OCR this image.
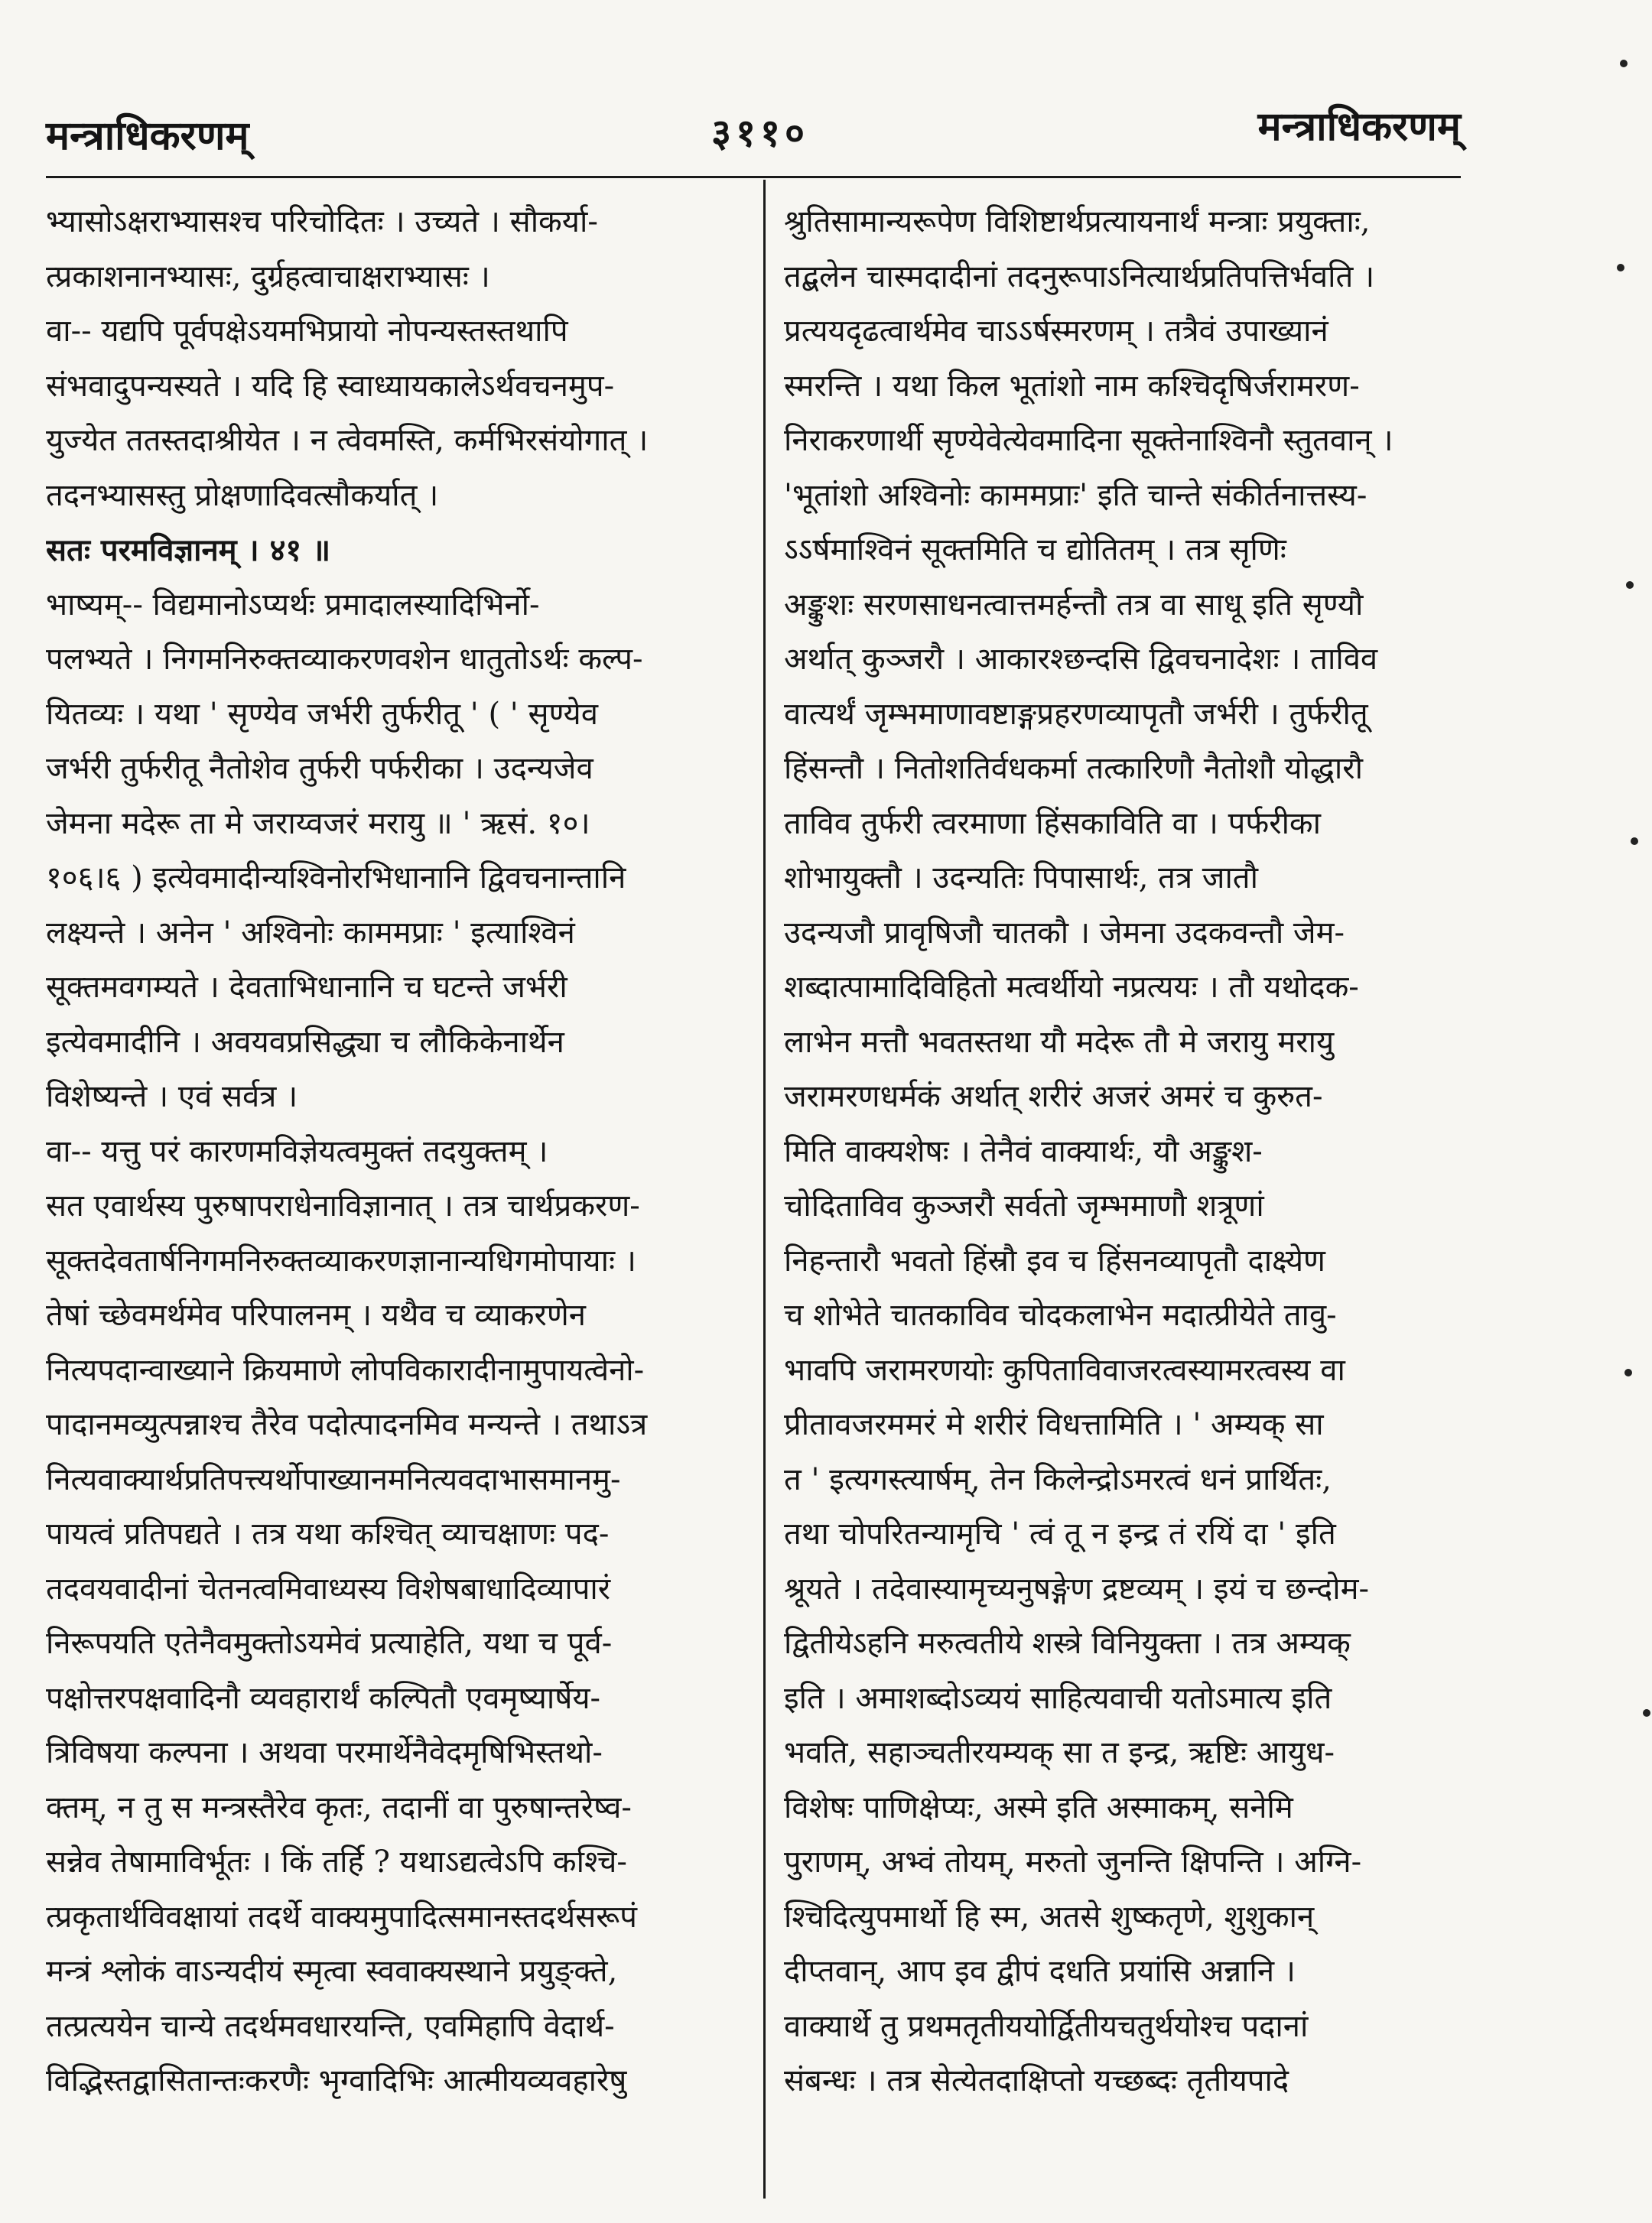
मन्त्राधिकरणम्	३११०	मन्त्राधिकरणम्
भ्यासोऽक्षराभ्यासश्च परिचोदितः । उच्यते । सौकर्या-
त्प्रकाशनानभ्यासः, दुर्ग्रहत्वाचाक्षराभ्यासः ।
वा-- यद्यपि पूर्वपक्षेऽयमभिप्रायो नोपन्यस्तस्तथापि
संभवादुपन्यस्यते । यदि हि स्वाध्यायकालेऽर्थवचनमुप-
युज्येत ततस्तदाश्रीयेत । न त्वेवमस्ति, कर्मभिरसंयोगात् ।
तदनभ्यासस्तु प्रोक्षणादिवत्सौकर्यात् ।
सतः परमविज्ञानम् । ४१ ॥
भाष्यम्-- विद्यमानोऽप्यर्थः प्रमादालस्यादिभिर्नो-
पलभ्यते । निगमनिरुक्तव्याकरणवशेन धातुतोऽर्थः कल्प-
यितव्यः । यथा ' सृण्येव जर्भरी तुर्फरीतू ' ( ' सृण्येव
जर्भरी तुर्फरीतू नैतोशेव तुर्फरी पर्फरीका । उदन्यजेव
जेमना मदेरू ता मे जराय्वजरं मरायु ॥ ' ऋसं. १०।
१०६।६ ) इत्येवमादीन्यश्विनोरभिधानानि द्विवचनान्तानि
लक्ष्यन्ते । अनेन ' अश्विनोः काममप्राः ' इत्याश्विनं
सूक्तमवगम्यते । देवताभिधानानि च घटन्ते जर्भरी
इत्येवमादीनि । अवयवप्रसिद्ध्या च लौकिकेनार्थेन
विशेष्यन्ते । एवं सर्वत्र ।
वा-- यत्तु परं कारणमविज्ञेयत्वमुक्तं तदयुक्तम् ।
सत एवार्थस्य पुरुषापराधेनाविज्ञानात् । तत्र चार्थप्रकरण-
सूक्तदेवतार्षनिगमनिरुक्तव्याकरणज्ञानान्यधिगमोपायाः ।
तेषां च्छेवमर्थमेव परिपालनम् । यथैव च व्याकरणेन
नित्यपदान्वाख्याने क्रियमाणे लोपविकारादीनामुपायत्वेनो-
पादानमव्युत्पन्नाश्च तैरेव पदोत्पादनमिव मन्यन्ते । तथाऽत्र
नित्यवाक्यार्थप्रतिपत्त्यर्थोपाख्यानमनित्यवदाभासमानमु-
पायत्वं प्रतिपद्यते । तत्र यथा कश्चित् व्याचक्षाणः पद-
तदवयवादीनां चेतनत्वमिवाध्यस्य विशेषबाधादिव्यापारं
निरूपयति एतेनैवमुक्तोऽयमेवं प्रत्याहेति, यथा च पूर्व-
पक्षोत्तरपक्षवादिनौ व्यवहारार्थं कल्पितौ एवमृष्यार्षेय-
त्रिविषया कल्पना । अथवा परमार्थेनैवेदमृषिभिस्तथो-
क्तम्, न तु स मन्त्रस्तैरेव कृतः, तदानीं वा पुरुषान्तरेष्व-
सन्नेव तेषामाविर्भूतः । किं तर्हि ? यथाऽद्यत्वेऽपि कश्चि-
त्प्रकृतार्थविवक्षायां तदर्थे वाक्यमुपादित्समानस्तदर्थसरूपं
मन्त्रं श्लोकं वाऽन्यदीयं स्मृत्वा स्ववाक्यस्थाने प्रयुङ्क्ते,
तत्प्रत्ययेन चान्ये तदर्थमवधारयन्ति, एवमिहापि वेदार्थ-
विद्भिस्तद्वासितान्तःकरणैः भृग्वादिभिः आत्मीयव्यवहारेषु
श्रुतिसामान्यरूपेण विशिष्टार्थप्रत्यायनार्थं मन्त्राः प्रयुक्ताः,
तद्बलेन चास्मदादीनां तदनुरूपाऽनित्यार्थप्रतिपत्तिर्भवति ।
प्रत्ययदृढत्वार्थमेव चाऽऽर्षस्मरणम् । तत्रैवं उपाख्यानं
स्मरन्ति । यथा किल भूतांशो नाम कश्चिदृषिर्जरामरण-
निराकरणार्थी सृण्येवेत्येवमादिना सूक्तेनाश्विनौ स्तुतवान् ।
'भूतांशो अश्विनोः काममप्राः' इति चान्ते संकीर्तनात्तस्य-
ऽऽर्षमाश्विनं सूक्तमिति च द्योतितम् । तत्र सृणिः
अङ्कुशः सरणसाधनत्वात्तमर्हन्तौ तत्र वा साधू इति सृण्यौ
अर्थात् कुञ्जरौ । आकारश्छन्दसि द्विवचनादेशः । ताविव
वात्यर्थं जृम्भमाणावष्टाङ्गप्रहरणव्यापृतौ जर्भरी । तुर्फरीतू
हिंसन्तौ । नितोशतिर्वधकर्मा तत्कारिणौ नैतोशौ योद्धारौ
ताविव तुर्फरी त्वरमाणा हिंसकाविति वा । पर्फरीका
शोभायुक्तौ । उदन्यतिः पिपासार्थः, तत्र जातौ
उदन्यजौ प्रावृषिजौ चातकौ । जेमना उदकवन्तौ जेम-
शब्दात्पामादिविहितो मत्वर्थीयो नप्रत्ययः । तौ यथोदक-
लाभेन मत्तौ भवतस्तथा यौ मदेरू तौ मे जरायु मरायु
जरामरणधर्मकं अर्थात् शरीरं अजरं अमरं च कुरुत-
मिति वाक्यशेषः । तेनैवं वाक्यार्थः, यौ अङ्कुश-
चोदिताविव कुञ्जरौ सर्वतो जृम्भमाणौ शत्रूणां
निहन्तारौ भवतो हिंस्रौ इव च हिंसनव्यापृतौ दाक्ष्येण
च शोभेते चातकाविव चोदकलाभेन मदात्प्रीयेते तावु-
भावपि जरामरणयोः कुपिताविवाजरत्वस्यामरत्वस्य वा
प्रीतावजरममरं मे शरीरं विधत्तामिति । ' अम्यक् सा
त ' इत्यगस्त्यार्षम्, तेन किलेन्द्रोऽमरत्वं धनं प्रार्थितः,
तथा चोपरितन्यामृचि ' त्वं तू न इन्द्र तं रयिं दा ' इति
श्रूयते । तदेवास्यामृच्यनुषङ्गेण द्रष्टव्यम् । इयं च छन्दोम-
द्वितीयेऽहनि मरुत्वतीये शस्त्रे विनियुक्ता । तत्र अम्यक्
इति । अमाशब्दोऽव्ययं साहित्यवाची यतोऽमात्य इति
भवति, सहाञ्चतीरयम्यक् सा त इन्द्र, ऋष्टिः आयुध-
विशेषः पाणिक्षेप्यः, अस्मे इति अस्माकम्, सनेमि
पुराणम्, अभ्वं तोयम्, मरुतो जुनन्ति क्षिपन्ति । अग्नि-
श्चिदित्युपमार्थो हि स्म, अतसे शुष्कतृणे, शुशुकान्
दीप्तवान्, आप इव द्वीपं दधति प्रयांसि अन्नानि ।
वाक्यार्थे तु प्रथमतृतीययोर्द्वितीयचतुर्थयोश्च पदानां
संबन्धः । तत्र सेत्येतदाक्षिप्तो यच्छब्दः तृतीयपादे
